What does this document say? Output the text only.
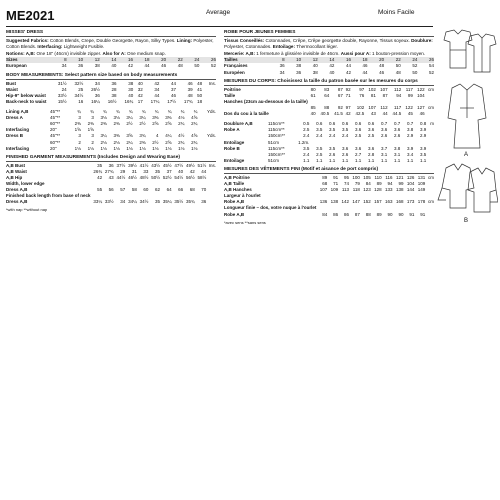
ME2021	Average	Moins Facile
MISSES' DRESS
Suggested Fabrics: Cotton Blends, Crepe, Double Georgette, Rayon, Silky Types. Lining: Polyester, Cotton Blends. Interfacing: Lightweight Fusible.
Notions: A,B: One 18" (46cm) invisible zipper. Also for A: One medium snap.
Sizes	8	10	12	14	16	18	20	22	24	26
European	34	36	38	40	42	44	46	48	50	52
BODY MEASUREMENTS: Select pattern size based on body measurements
Bust	31½	32½	34	36	38	40	42	44	46	48	Ins.
Waist	24	25	26½	28	30	32	34	37	39	41	
Hip-9" below waist	33½	34½	36	38	40	42	44	46	48	50	
Back-neck to waist	15½	16	16¼	16½	16¾	17	17¼	17½	17¾	18	
Lining A,B	45"**	¾	¾	¾	¾	¾	¾	¾	¾	¾	¾	Yds.
Dress A	45"**	3	3	3⅛	3⅛	3¼	3¼	3⅜	3⅜	4⅛	4⅝	
	60"**	2⅜	2⅜	2⅜	2⅜	2½	2½	2⅝	2⅝	2¾	2¾	
Interfacing	20"	1⅝	1⅝									
Dress B	45"**	3	3	3¼	3⅜	3⅝	3¾	4	4¼	4½	4⅝	Yds.
	60"**	2	2	2⅛	2⅛	2¼	2⅜	2½	2⅝	2¾	2¾	
Interfacing	20"	1⅛	1⅛	1⅛	1⅛	1⅛	1⅛	1⅛	1⅛	1⅛	1⅛	
FINISHED GARMENT MEASUREMENTS (Includes Design and Wearing Ease)
A,B Bust	35	36	37½	39½	41½	43½	45½	47½	49½	51½	Ins.
A,B Waist	26¾	27¾	29	31	33	35	37	40	42	44	
A,B Hip	42	43	44½	46½	48½	50½	52½	54½	56½	58½	
Width, lower edge											
Dress A,B	55	56	57	58	60	62	64	66	68	70	
Finished back length from base of neck											
Dress A,B	33¼	33½	34	34¼	34½	35	35¼	35½	35¾	36	
*with nap **without nap
ROBE POUR JEUNES FEMMES
Tissus Conseillés: Cotonnades, Crêpe, Crêpe georgette double, Rayonne, Tissus soyeux. Doublure: Polyester, Cotonnades. Entoilage: Thermocollant léger.
Mercerie: A,B: 1 fermeture à glissière invisible de 46cm. Aussi pour A: 1 bouton-pression moyen.
Tailles	8	10	12	14	16	18	20	22	24	26
Françaises	36	38	40	42	44	46	48	50	52	54
Européen	34	36	38	40	42	44	46	48	50	52
MESURES DU CORPS: Choisissez la taille du patron basée sur les mesures du corps
Poitrine	80	83	87	92	97	102	107	112	117	122	cm
Taille	61	64	67	71	76	81	87	94	99	104	
Hanches (23cm au-dessous de la taille)											
	85	88	92	97	102	107	112	117	122	127	cm
Dos du cou à la taille	40	40.5	41.5	42	42.5	43	44	44.5	45	46	
Doublure A,B	115cm**	0.5	0.6	0.6	0.6	0.6	0.6	0.7	0.7	0.7	0.8	m
Robe A	115cm**	2.5	3.5	3.5	3.5	3.6	3.6	3.6	3.6	3.8	3.9	
	150cm**	2.4	2.4	2.4	2.4	2.5	2.5	2.6	2.6	2.9	2.9	
Entoilage	51cm	1.2m.										
Robe B	115cm**	3.5	3.5	3.5	3.6	3.6	3.6	3.7	3.8	3.9	3.9	
	150cm**	2.4	2.5	2.6	2.6	2.7	2.8	3.1	3.1	3.4	3.5	
Entoilage	51cm	1.1	1.1	1.1	1.1	1.1	1.1	1.1	1.1	1.1	1.1	
MESURES DES VÊTEMENTS FINI (Motif et aisance de port compris)
A,B Poitrine	89	91	95	100	105	110	116	121	126	131	cm
A,B Taille	68	71	74	79	84	89	94	99	104	109	
A,B Hanches	107	109	113	118	123	128	133	138	144	149	
Largeur à l'ourlet											
Robe A,B	136	138	142	147	152	157	163	168	173	178	cm
Longueur finie – dos, votre nuque à l'ourlet											
Robe A,B	84	86	86	87	88	89	90	90	91	91	
*avec sens **sans sens
A
B
